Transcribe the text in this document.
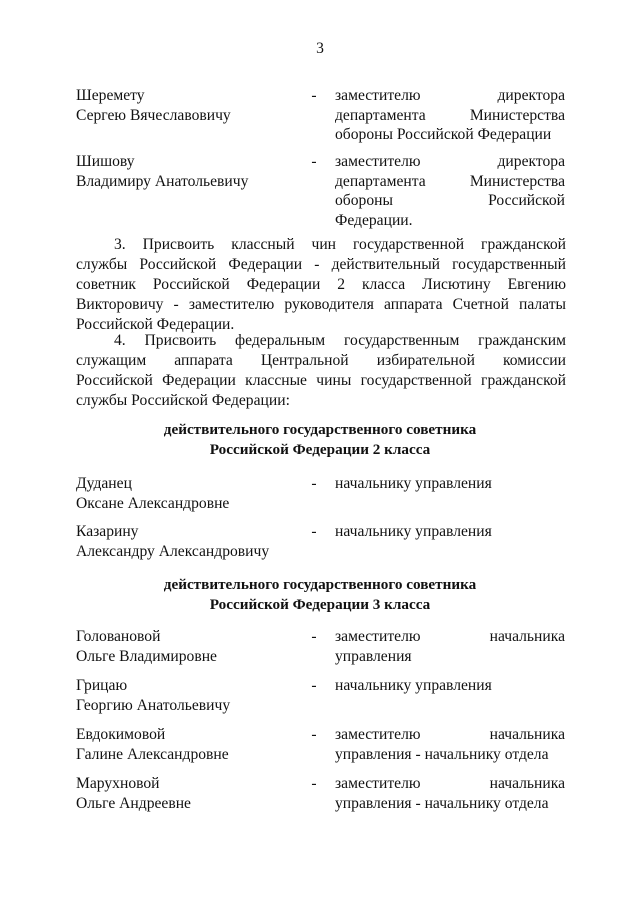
3
Шеремету
Сергею Вячеславовичу
- заместителю директора
департамента Министерства
обороны Российской Федерации
Шишову
Владимиру Анатольевичу
- заместителю директора
департамента Министерства
обороны Российской
Федерации.
3. Присвоить классный чин государственной гражданской
службы Российской Федерации - действительный государственный
советник Российской Федерации 2 класса Лисютину Евгению
Викторовичу - заместителю руководителя аппарата Счетной палаты
Российской Федерации.
4. Присвоить федеральным государственным гражданским
служащим аппарата Центральной избирательной комиссии
Российской Федерации классные чины государственной гражданской
службы Российской Федерации:
действительного государственного советника
Российской Федерации 2 класса
Дуданец
Оксане Александровне
- начальнику управления
Казарину
Александру Александровичу
- начальнику управления
действительного государственного советника
Российской Федерации 3 класса
Головановой
Ольге Владимировне
- заместителю начальника
управления
Грицаю
Георгию Анатольевичу
- начальнику управления
Евдокимовой
Галине Александровне
- заместителю начальника
управления - начальнику отдела
Марухновой
Ольге Андреевне
- заместителю начальника
управления - начальнику отдела
